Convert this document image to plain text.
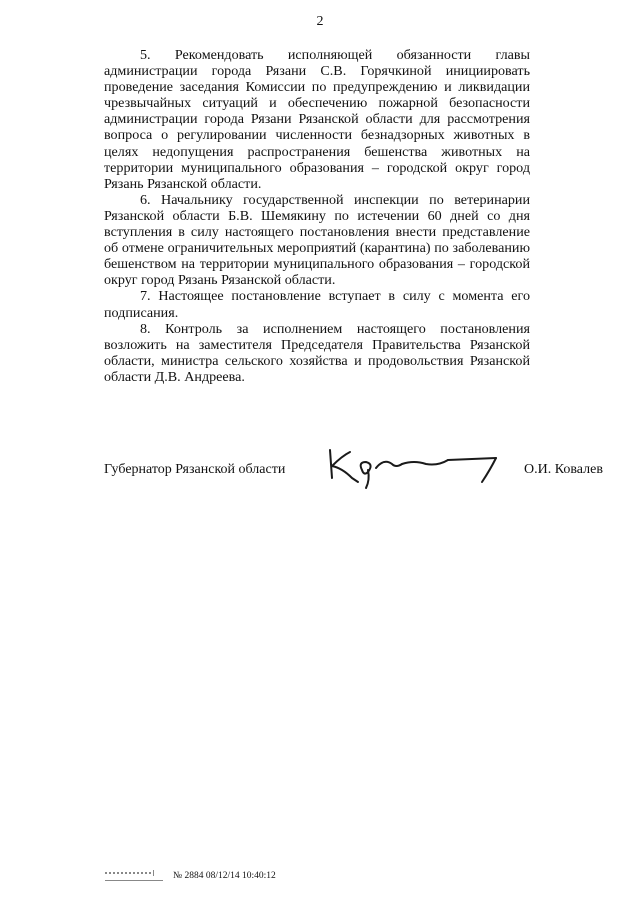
2

5. Рекомендовать исполняющей обязанности главы администрации города Рязани С.В. Горячкиной инициировать проведение заседания Комиссии по предупреждению и ликвидации чрезвычайных ситуаций и обеспечению пожарной безопасности администрации города Рязани Рязанской области для рассмотрения вопроса о регулировании численности безнадзорных животных в целях недопущения распространения бешенства животных на территории муниципального образования – городской округ город Рязань Рязанской области.

6. Начальнику государственной инспекции по ветеринарии Рязанской области Б.В. Шемякину по истечении 60 дней со дня вступления в силу настоящего постановления внести представление об отмене ограничительных мероприятий (карантина) по заболеванию бешенством на территории муниципального образования – городской округ город Рязань Рязанской области.

7. Настоящее постановление вступает в силу с момента его подписания.

8. Контроль за исполнением настоящего постановления возложить на заместителя Председателя Правительства Рязанской области, министра сельского хозяйства и продовольствия Рязанской области Д.В. Андреева.

Губернатор Рязанской области	О.И. Ковалев
№ 2884 08/12/14 10:40:12
